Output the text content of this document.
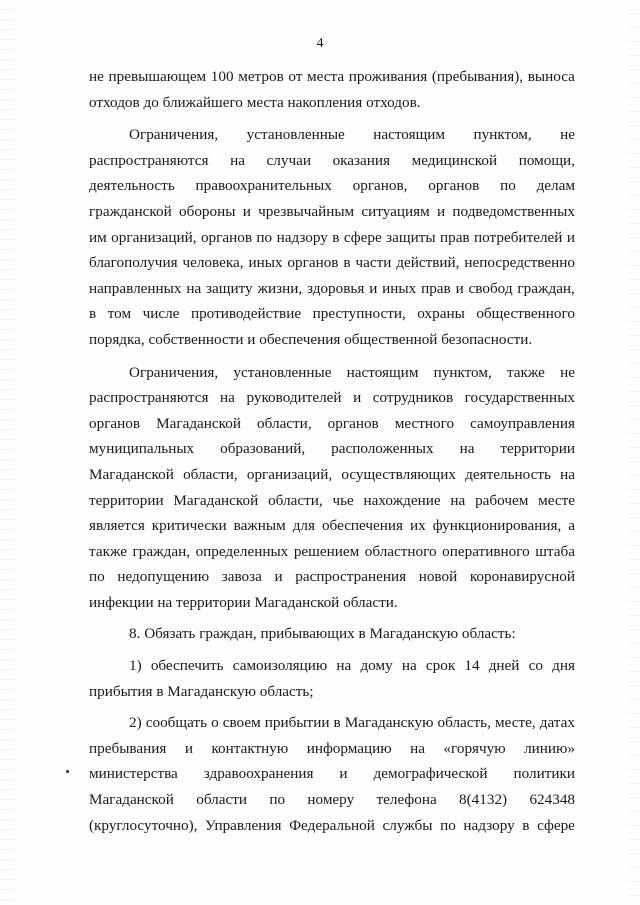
4

не превышающем 100 метров от места проживания (пребывания), выноса
отходов до ближайшего места накопления отходов.

Ограничения, установленные настоящим пунктом, не
распространяются на случаи оказания медицинской помощи,
деятельность правоохранительных органов, органов по делам
гражданской обороны и чрезвычайным ситуациям и подведомственных
им организаций, органов по надзору в сфере защиты прав потребителей и
благополучия человека, иных органов в части действий, непосредственно
направленных на защиту жизни, здоровья и иных прав и свобод граждан,
в том числе противодействие преступности, охраны общественного
порядка, собственности и обеспечения общественной безопасности.

Ограничения, установленные настоящим пунктом, также не
распространяются на руководителей и сотрудников государственных
органов Магаданской области, органов местного самоуправления
муниципальных образований, расположенных на территории
Магаданской области, организаций, осуществляющих деятельность на
территории Магаданской области, чье нахождение на рабочем месте
является критически важным для обеспечения их функционирования, а
также граждан, определенных решением областного оперативного штаба
по недопущению завоза и распространения новой коронавирусной
инфекции на территории Магаданской области.

8. Обязать граждан, прибывающих в Магаданскую область:

1) обеспечить самоизоляцию на дому на срок 14 дней со дня
прибытия в Магаданскую область;

2) сообщать о своем прибытии в Магаданскую область, месте, датах
пребывания и контактную информацию на «горячую линию»
министерства здравоохранения и демографической политики
Магаданской области по номеру телефона 8(4132) 624348
(круглосуточно), Управления Федеральной службы по надзору в сфере
